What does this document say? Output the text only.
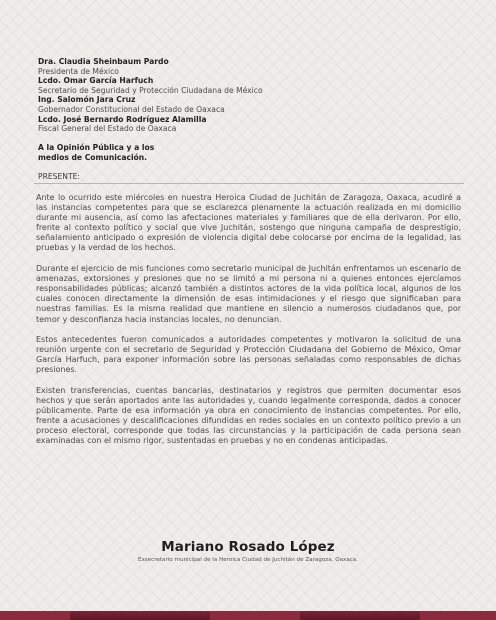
Dra. Claudia Sheinbaum Pardo
Presidenta de México
Lcdo. Omar García Harfuch
Secretario de Seguridad y Protección Ciudadana de México
Ing. Salomón Jara Cruz
Gobernador Constitucional del Estado de Oaxaca
Lcdo. José Bernardo Rodríguez Alamilla
Fiscal General del Estado de Oaxaca
A la Opinión Pública y a los
medios de Comunicación.
PRESENTE:

Ante lo ocurrido este miércoles en nuestra Heroica Ciudad de Juchitán de Zaragoza, Oaxaca, acudiré a las instancias competentes para que se esclarezca plenamente la actuación realizada en mi domicilio durante mi ausencia, así como las afectaciones materiales y familiares que de ella derivaron. Por ello, frente al contexto político y social que vive Juchitán, sostengo que ninguna campaña de desprestigio, señalamiento anticipado o expresión de violencia digital debe colocarse por encima de la legalidad, las pruebas y la verdad de los hechos.

Durante el ejercicio de mis funciones como secretario municipal de Juchitán enfrentamos un escenario de amenazas, extorsiones y presiones que no se limitó a mi persona ni a quienes entonces ejercíamos responsabilidades públicas; alcanzó también a distintos actores de la vida política local, algunos de los cuales conocen directamente la dimensión de esas intimidaciones y el riesgo que significaban para nuestras familias. Es la misma realidad que mantiene en silencio a numerosos ciudadanos que, por temor y desconfianza hacia instancias locales, no denuncian.

Estos antecedentes fueron comunicados a autoridades competentes y motivaron la solicitud de una reunión urgente con el secretario de Seguridad y Protección Ciudadana del Gobierno de México, Omar García Harfuch, para exponer información sobre las personas señaladas como responsables de dichas presiones.

Existen transferencias, cuentas bancarias, destinatarios y registros que permiten documentar esos hechos y que serán aportados ante las autoridades y, cuando legalmente corresponda, dados a conocer públicamente. Parte de esa información ya obra en conocimiento de instancias competentes. Por ello, frente a acusaciones y descalificaciones difundidas en redes sociales en un contexto político previo a un proceso electoral, corresponde que todas las circunstancias y la participación de cada persona sean examinadas con el mismo rigor, sustentadas en pruebas y no en condenas anticipadas.

Mariano Rosado López
Exsecretario municipal de la Heroica Ciudad de Juchitán de Zaragoza, Oaxaca.
